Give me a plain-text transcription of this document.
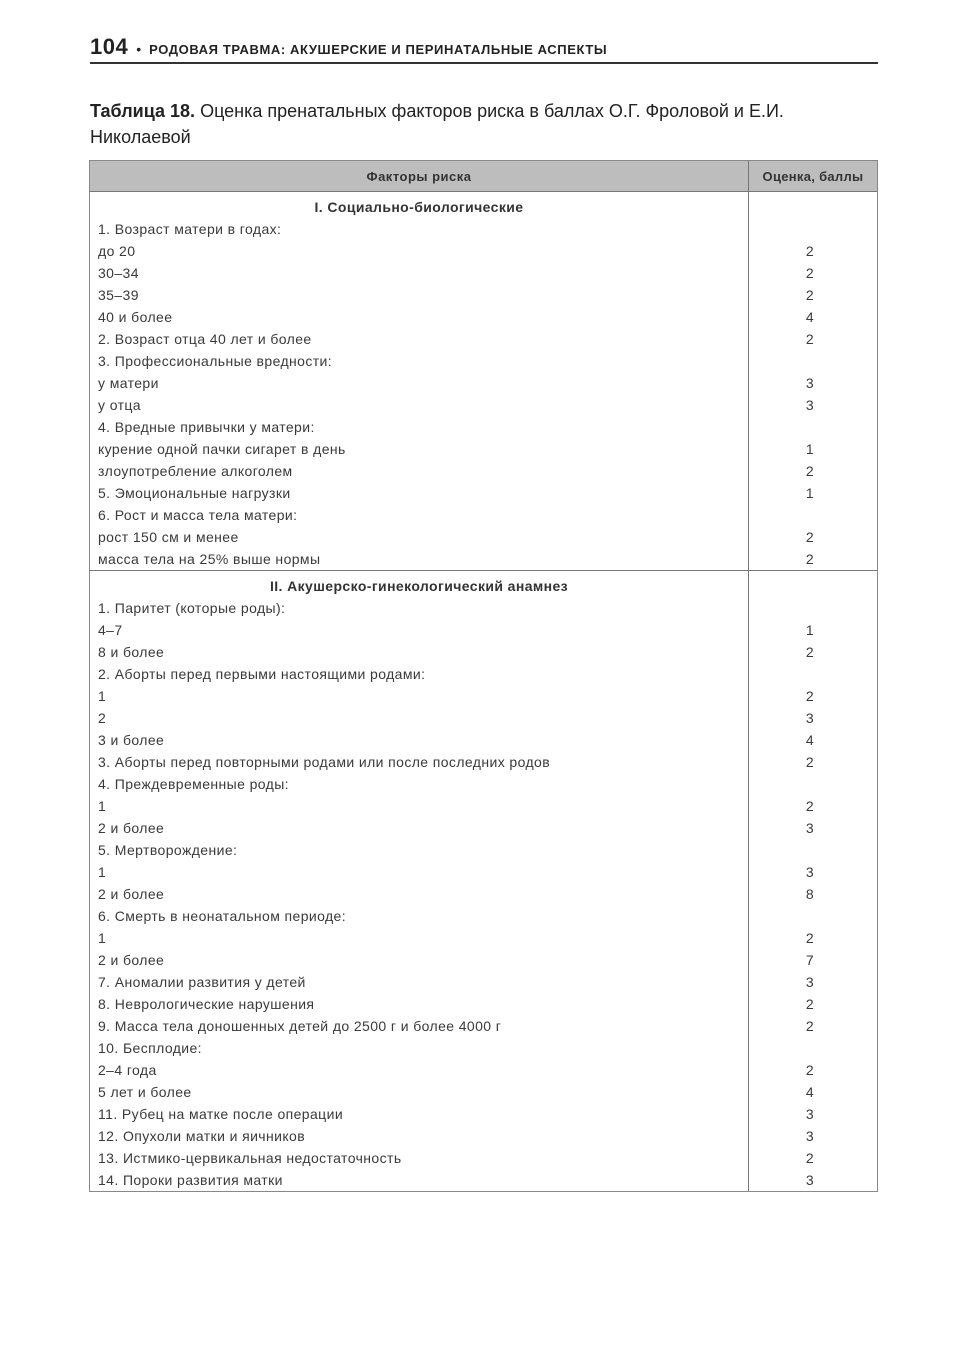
104 • РОДОВАЯ ТРАВМА: АКУШЕРСКИЕ И ПЕРИНАТАЛЬНЫЕ АСПЕКТЫ
Таблица 18. Оценка пренатальных факторов риска в баллах О.Г. Фроловой и Е.И. Николаевой
Факторы риска	Оценка, баллы
I. Социально-биологические
1. Возраст матери в годах:
до 20
30–34
35–39
40 и более
2. Возраст отца 40 лет и более
3. Профессиональные вредности:
у матери
у отца
4. Вредные привычки у матери:
курение одной пачки сигарет в день
злоупотребление алкоголем
5. Эмоциональные нагрузки
6. Рост и масса тела матери:
рост 150 см и менее
масса тела на 25% выше нормы
2
2
2
4
2
3
3
1
2
1
2
2
II. Акушерско-гинекологический анамнез
1. Паритет (которые роды):
4–7
8 и более
2. Аборты перед первыми настоящими родами:
1
2
3 и более
3. Аборты перед повторными родами или после последних родов
4. Преждевременные роды:
1
2 и более
5. Мертворождение:
1
2 и более
6. Смерть в неонатальном периоде:
1
2 и более
7. Аномалии развития у детей
8. Неврологические нарушения
9. Масса тела доношенных детей до 2500 г и более 4000 г
10. Бесплодие:
2–4 года
5 лет и более
11. Рубец на матке после операции
12. Опухоли матки и яичников
13. Истмико-цервикальная недостаточность
14. Пороки развития матки
1
2
2
3
4
2
2
3
3
8
2
7
3
2
2
2
4
3
3
2
3
